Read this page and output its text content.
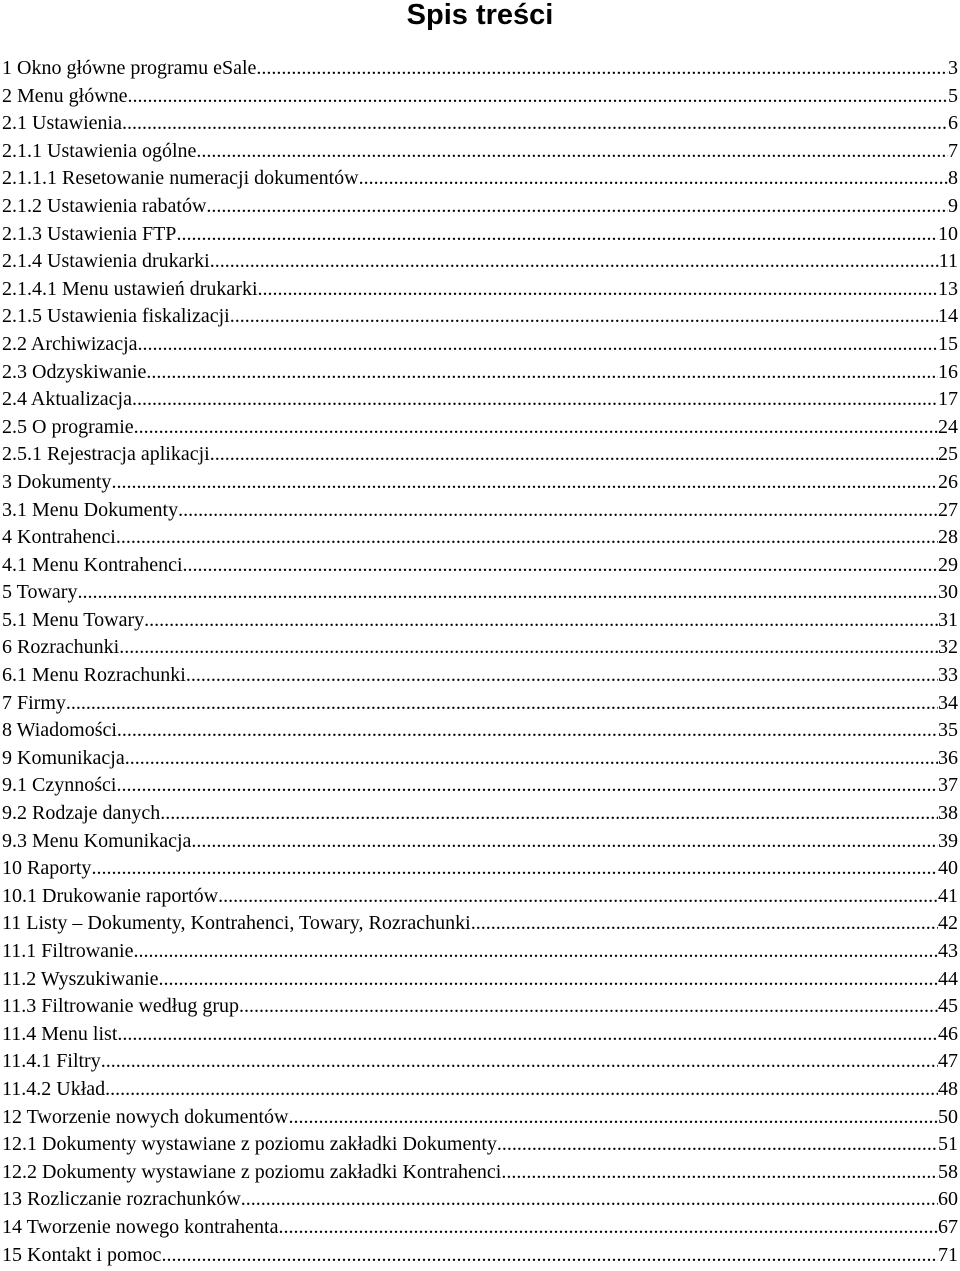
Spis treści
1 Okno główne programu eSale .....	3
2 Menu główne .....	5
2.1 Ustawienia .....	6
2.1.1 Ustawienia ogólne .....	7
2.1.1.1 Resetowanie numeracji dokumentów .....	8
2.1.2 Ustawienia rabatów .....	9
2.1.3 Ustawienia FTP .....	10
2.1.4 Ustawienia drukarki .....	11
2.1.4.1 Menu ustawień drukarki .....	13
2.1.5 Ustawienia fiskalizacji .....	14
2.2 Archiwizacja .....	15
2.3 Odzyskiwanie .....	16
2.4 Aktualizacja .....	17
2.5 O programie .....	24
2.5.1 Rejestracja aplikacji .....	25
3 Dokumenty .....	26
3.1 Menu Dokumenty .....	27
4 Kontrahenci .....	28
4.1 Menu Kontrahenci .....	29
5 Towary .....	30
5.1 Menu Towary .....	31
6 Rozrachunki .....	32
6.1 Menu Rozrachunki .....	33
7 Firmy .....	34
8 Wiadomości .....	35
9 Komunikacja .....	36
9.1 Czynności .....	37
9.2 Rodzaje danych .....	38
9.3 Menu Komunikacja .....	39
10 Raporty .....	40
10.1 Drukowanie raportów .....	41
11 Listy – Dokumenty, Kontrahenci, Towary, Rozrachunki .....	42
11.1 Filtrowanie .....	43
11.2 Wyszukiwanie .....	44
11.3 Filtrowanie według grup .....	45
11.4 Menu list .....	46
11.4.1 Filtry .....	47
11.4.2 Układ .....	48
12 Tworzenie nowych dokumentów .....	50
12.1 Dokumenty wystawiane z poziomu zakładki Dokumenty .....	51
12.2 Dokumenty wystawiane z poziomu zakładki Kontrahenci .....	58
13 Rozliczanie rozrachunków .....	60
14 Tworzenie nowego kontrahenta .....	67
15 Kontakt i pomoc .....	71
